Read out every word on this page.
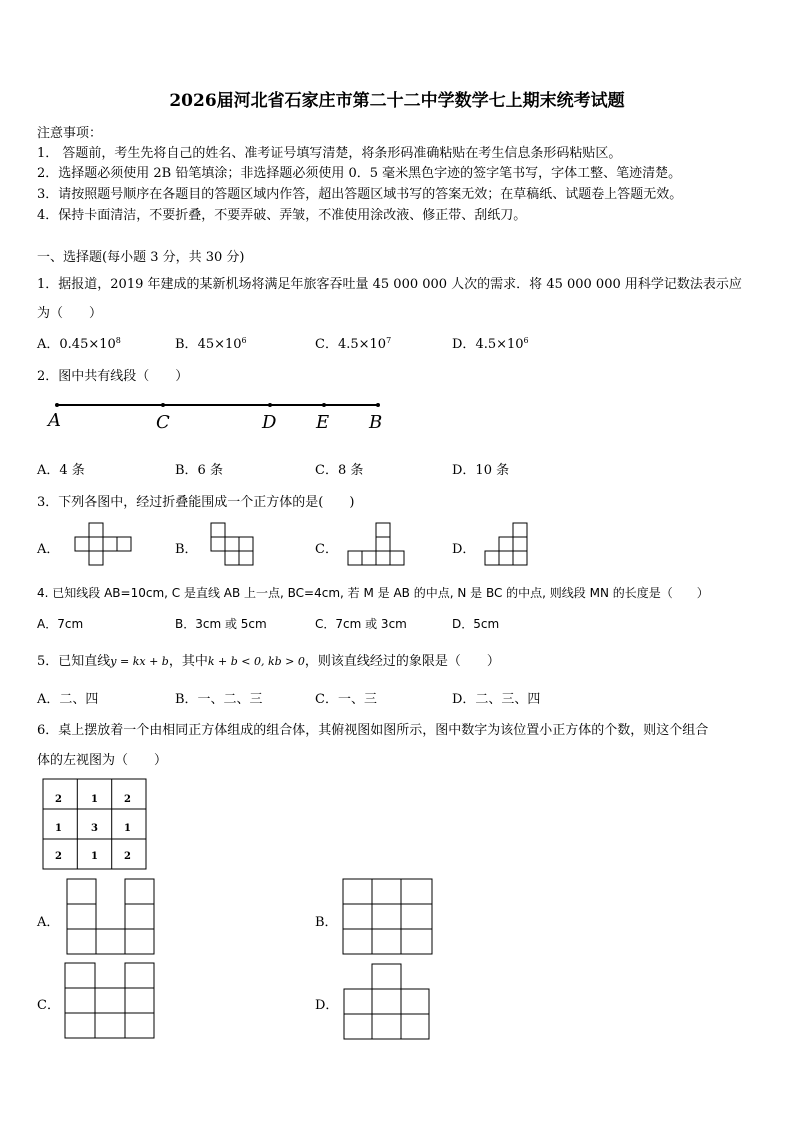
2026届河北省石家庄市第二十二中学数学七上期末统考试题
注意事项：
1． 答题前，考生先将自己的姓名、准考证号填写清楚，将条形码准确粘贴在考生信息条形码粘贴区。
2．选择题必须使用 2B 铅笔填涂；非选择题必须使用 0．5 毫米黑色字迹的签字笔书写，字体工整、笔迹清楚。
3．请按照题号顺序在各题目的答题区域内作答，超出答题区域书写的答案无效；在草稿纸、试题卷上答题无效。
4．保持卡面清洁，不要折叠，不要弄破、弄皱，不准使用涂改液、修正带、刮纸刀。
一、选择题(每小题 3 分，共 30 分)
1．据报道，2019 年建成的某新机场将满足年旅客吞吐量 45 000 000 人次的需求．将 45 000 000 用科学记数法表示应
为（　　）
A．$0.45\times 10^8$	B．$45\times 10^6$	C．$4.5\times 10^7$	D．$4.5\times 10^6$
2．图中共有线段（　　）
A	C	D E B
A．4 条	B．6 条	C．8 条	D．10 条
3．下列各图中，经过折叠能围成一个正方体的是(　　)
A．	B．	C．	D．
4. 已知线段 AB=10cm, C 是直线 AB 上一点, BC=4cm, 若 M 是 AB 的中点, N 是 BC 的中点, 则线段 MN 的长度是（　　）
A．7cm	B．3cm 或 5cm	C．7cm 或 3cm	D．5cm
5．已知直线y = kx + b，其中k + b < 0, kb > 0，则该直线经过的象限是（　　）
A．二、四	B．一、二、三	C．一、三	D．二、三、四
6．桌上摆放着一个由相同正方体组成的组合体，其俯视图如图所示，图中数字为该位置小正方体的个数，则这个组合
体的左视图为（　　）
2	1	2
1	3	1
2	1	2
A．	B．
C．	D．
